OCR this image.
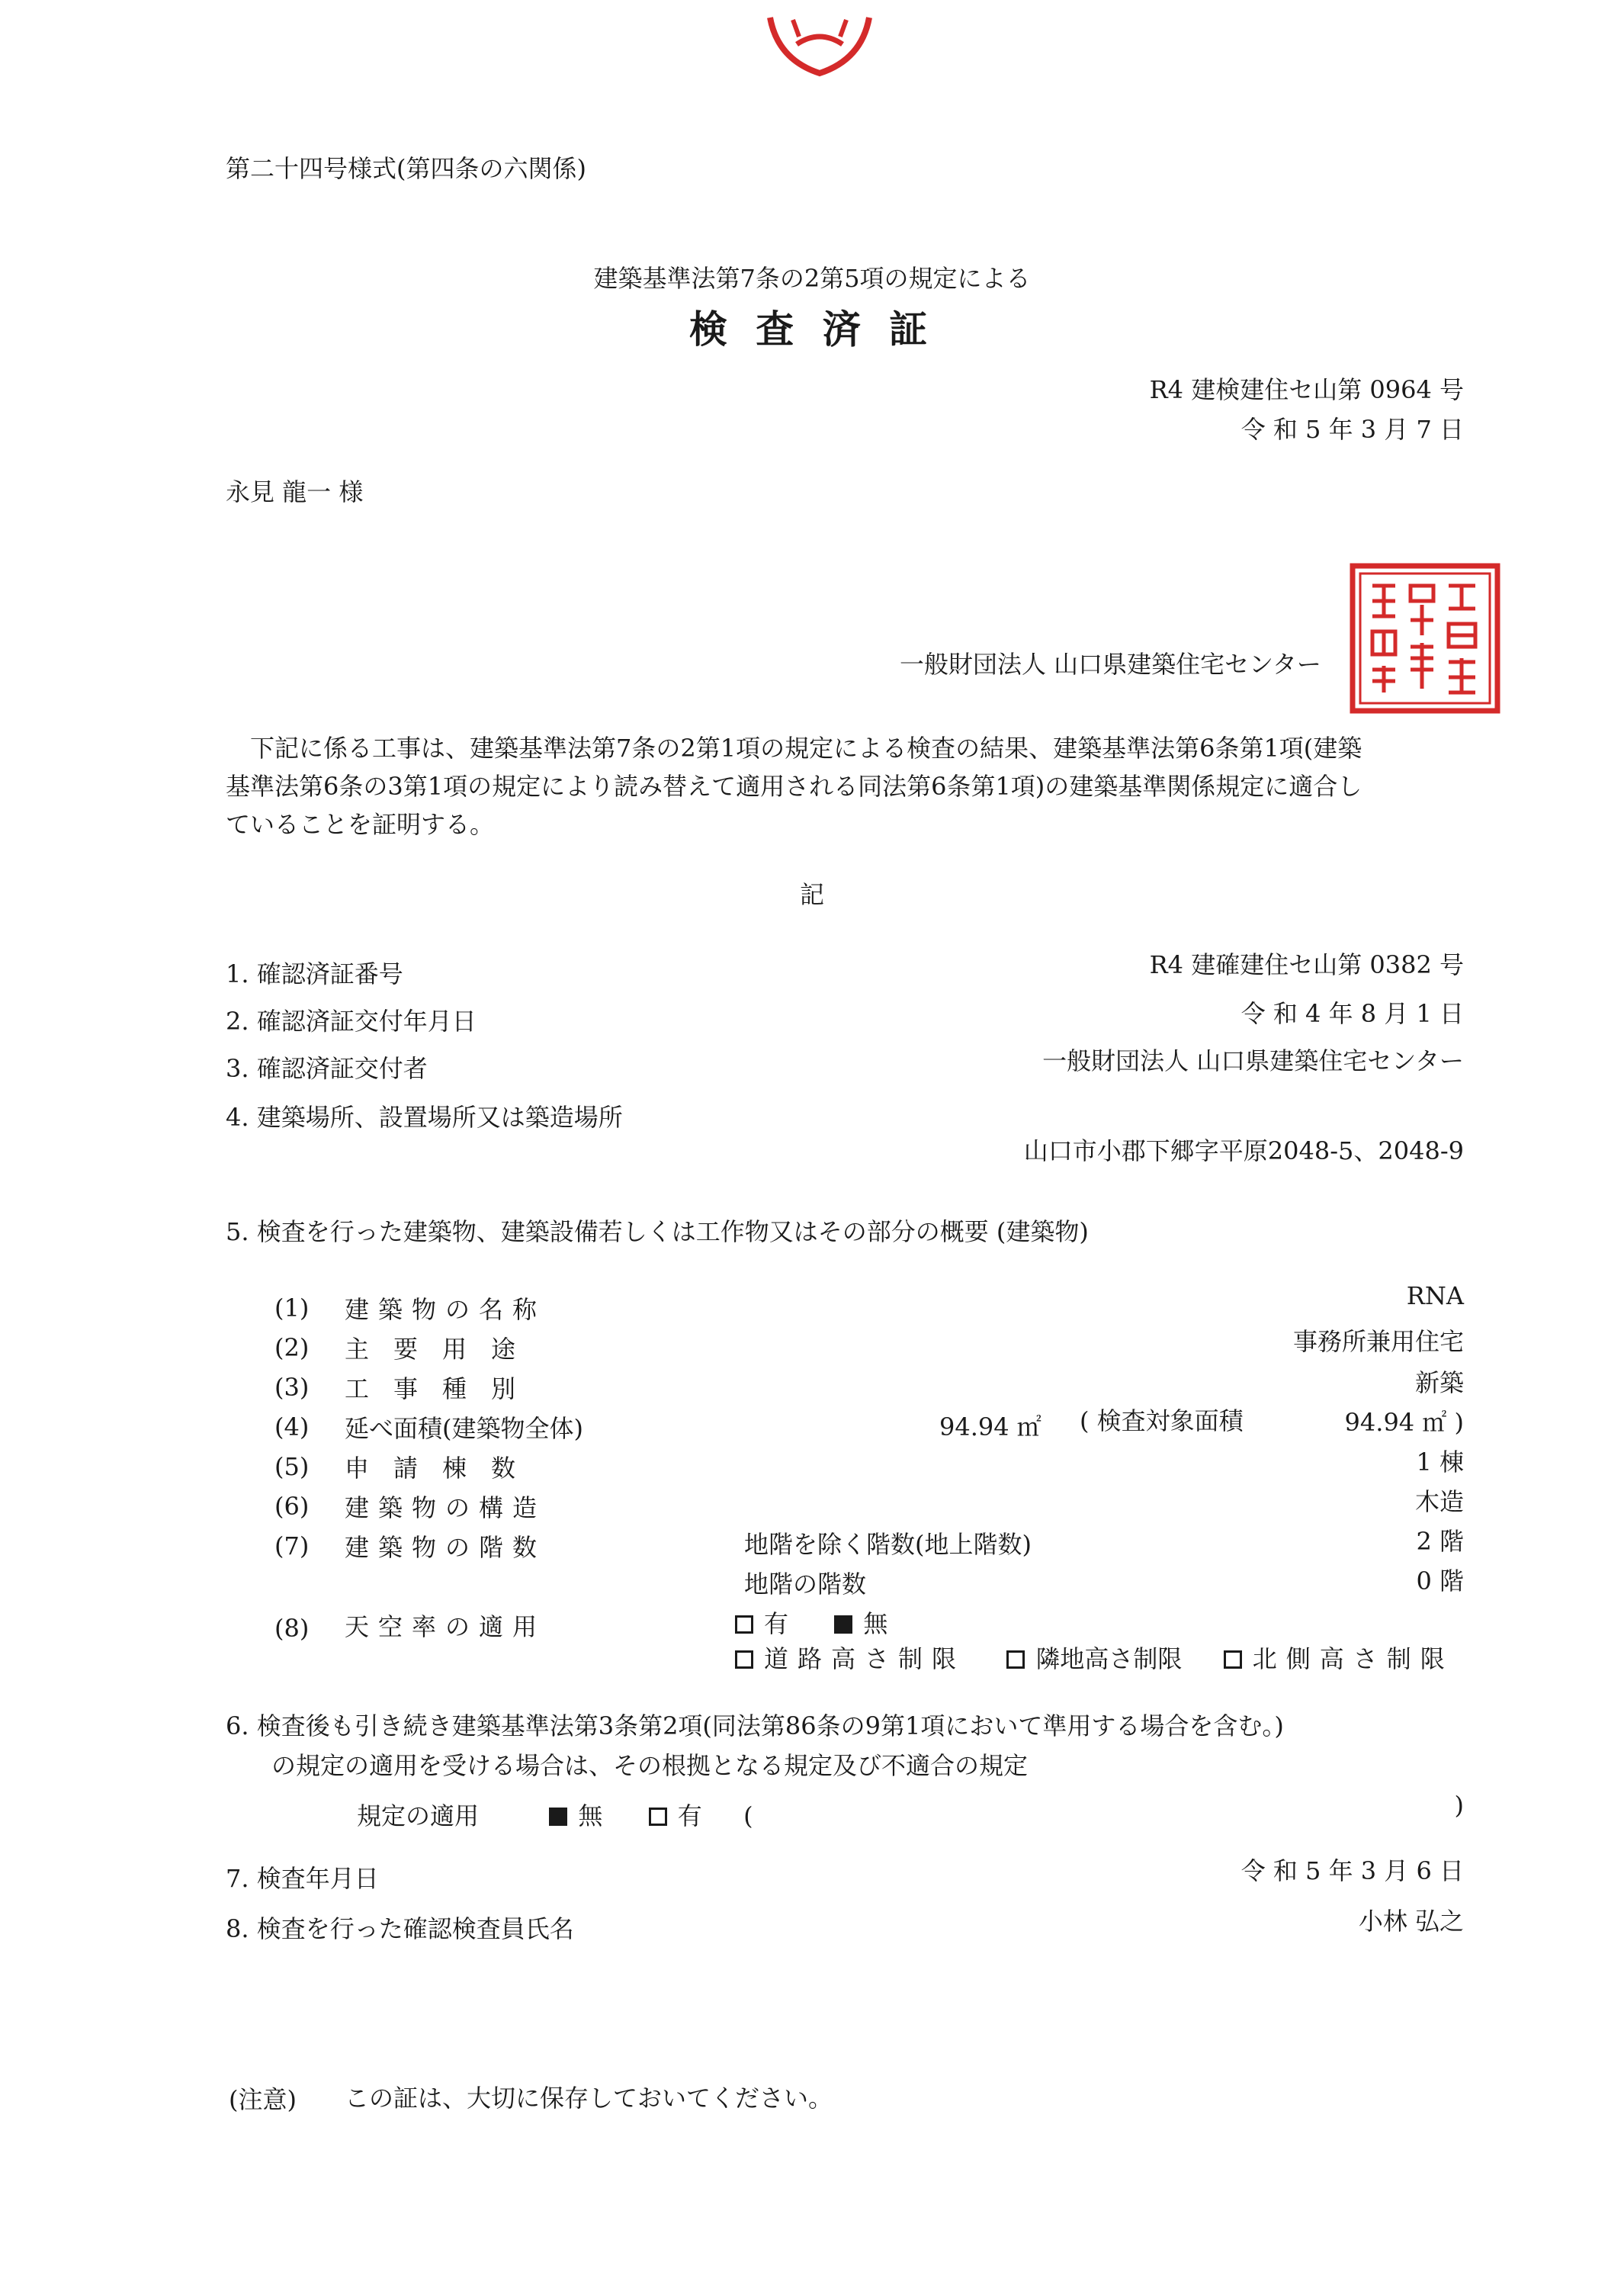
第二十四号様式(第四条の六関係)
建築基準法第7条の2第5項の規定による
検 査 済 証
R4 建検建住セ山第 0964 号
令 和 5 年 3 月 7 日
永見 龍一 様
一般財団法人 山口県建築住宅センター
下記に係る工事は、建築基準法第7条の2第1項の規定による検査の結果、建築基準法第6条第1項(建築
基準法第6条の3第1項の規定により読み替えて適用される同法第6条第1項)の建築基準関係規定に適合し
ていることを証明する。
記
1. 確認済証番号	R4 建確建住セ山第 0382 号
2. 確認済証交付年月日	令 和 4 年 8 月 1 日
3. 確認済証交付者	一般財団法人 山口県建築住宅センター
4. 建築場所、設置場所又は築造場所
山口市小郡下郷字平原2048-5、2048-9
5. 検査を行った建築物、建築設備若しくは工作物又はその部分の概要 (建築物)
(1) 建築物の名称	RNA
(2) 主要用途	事務所兼用住宅
(3) 工事種別	新築
(4) 延べ面積(建築物全体)	94.94 ㎡ ( 検査対象面積	94.94 ㎡ )
(5) 申請棟数	1 棟
(6) 建築物の構造	木造
(7) 建築物の階数	地階を除く階数(地上階数)	2 階
地階の階数	0 階
(8) 天空率の適用	有	無
道路高さ制限	隣地高さ制限	北側高さ制限
6. 検査後も引き続き建築基準法第3条第2項(同法第86条の9第1項において準用する場合を含む。)
の規定の適用を受ける場合は、その根拠となる規定及び不適合の規定
規定の適用	無	有 (	)
7. 検査年月日	令 和 5 年 3 月 6 日
8. 検査を行った確認検査員氏名	小林 弘之
(注意) この証は、大切に保存しておいてください。
